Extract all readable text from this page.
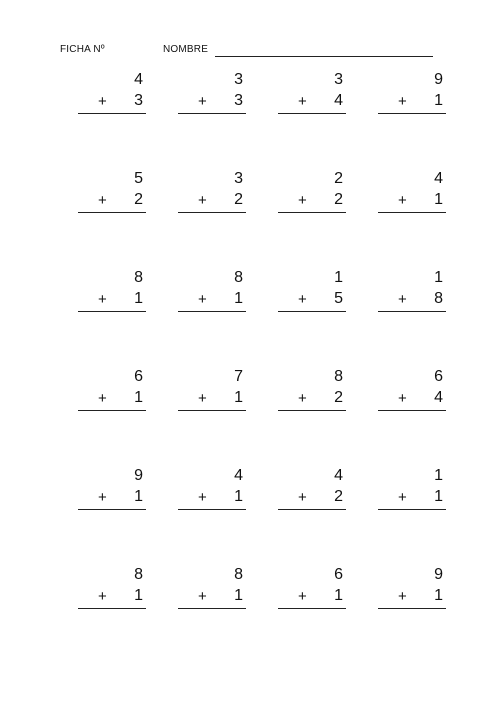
FICHA Nº	NOMBRE
4
+ 3
3
+ 3
3
+ 4
9
+ 1
5
+ 2
3
+ 2
2
+ 2
4
+ 1
8
+ 1
8
+ 1
1
+ 5
1
+ 8
6
+ 1
7
+ 1
8
+ 2
6
+ 4
9
+ 1
4
+ 1
4
+ 2
1
+ 1
8
+ 1
8
+ 1
6
+ 1
9
+ 1
